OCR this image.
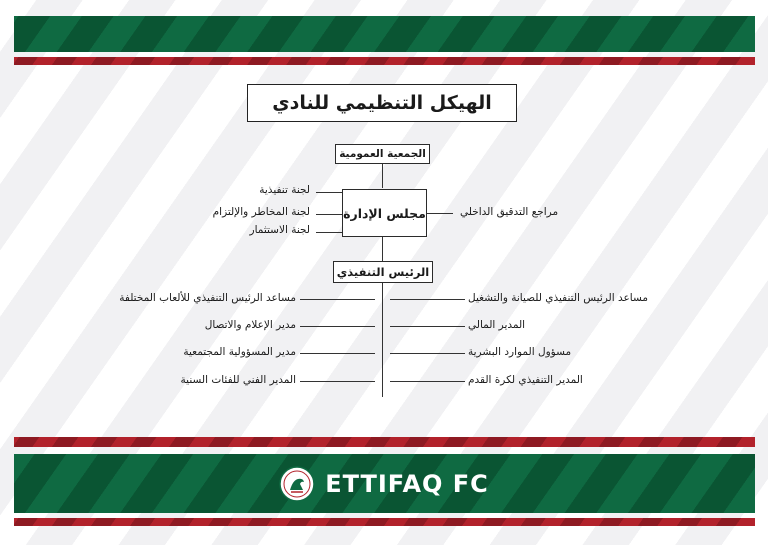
الهيكل التنظيمي للنادي
الجمعية العمومية
مجلس الإدارة
لجنة تنفيذية
لجنة المخاطر والإلتزام
لجنة الاستثمار
مراجع التدقيق الداخلي
الرئيس التنفيذي
مساعد الرئيس التنفيذي للصيانة والتشغيل
المدير المالي
مسؤول الموارد البشرية
المدير التنفيذي لكرة القدم
مساعد الرئيس التنفيذي للألعاب المختلفة
مدير الإعلام والاتصال
مدير المسؤولية المجتمعية
المدير الفني للفئات السنية
ETTIFAQ FC
